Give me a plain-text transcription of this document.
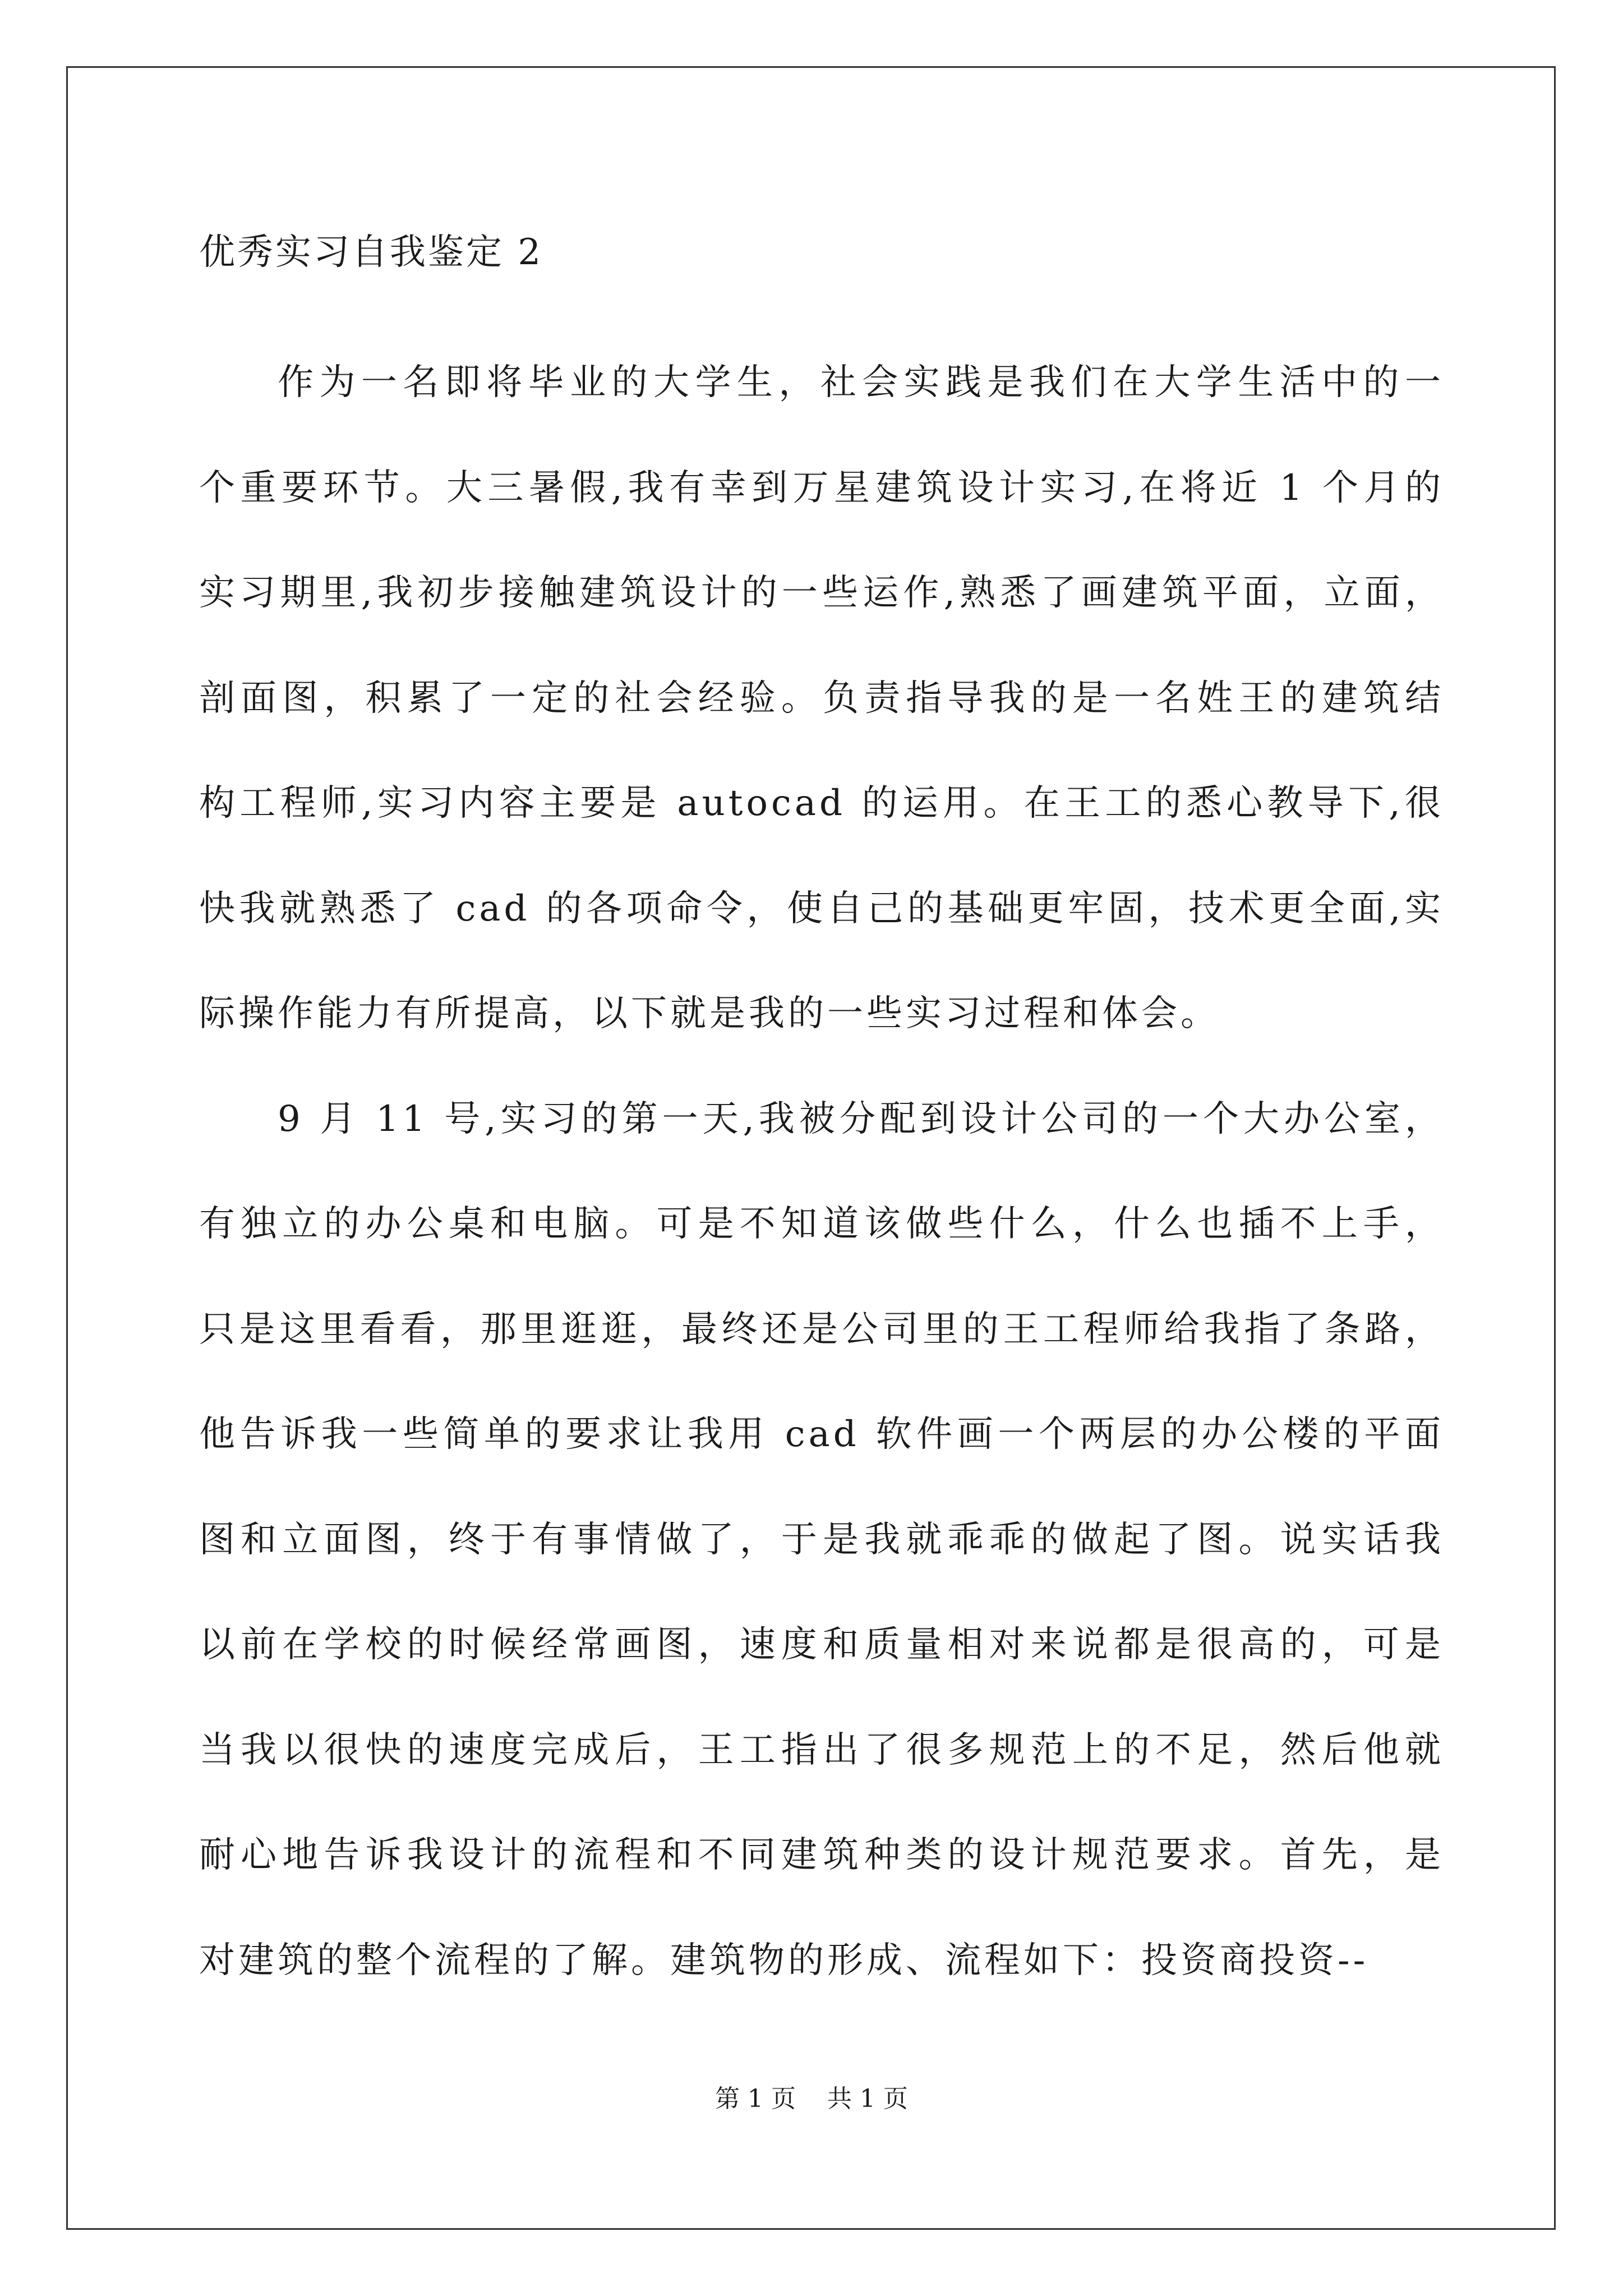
优秀实习自我鉴定 2
作为一名即将毕业的大学生，社会实践是我们在大学生活中的一
个重要环节。大三暑假,我有幸到万星建筑设计实习,在将近 1 个月的
实习期里,我初步接触建筑设计的一些运作,熟悉了画建筑平面，立面，
剖面图，积累了一定的社会经验。负责指导我的是一名姓王的建筑结
构工程师,实习内容主要是 autocad 的运用。在王工的悉心教导下,很
快我就熟悉了 cad 的各项命令，使自己的基础更牢固，技术更全面,实
际操作能力有所提高，以下就是我的一些实习过程和体会。
9 月 11 号,实习的第一天,我被分配到设计公司的一个大办公室，
有独立的办公桌和电脑。可是不知道该做些什么，什么也插不上手，
只是这里看看，那里逛逛，最终还是公司里的王工程师给我指了条路，
他告诉我一些简单的要求让我用 cad 软件画一个两层的办公楼的平面
图和立面图，终于有事情做了，于是我就乖乖的做起了图。说实话我
以前在学校的时候经常画图，速度和质量相对来说都是很高的，可是
当我以很快的速度完成后，王工指出了很多规范上的不足，然后他就
耐心地告诉我设计的流程和不同建筑种类的设计规范要求。首先，是
对建筑的整个流程的了解。建筑物的形成、流程如下：投资商投资--
第 1 页    共 1 页
